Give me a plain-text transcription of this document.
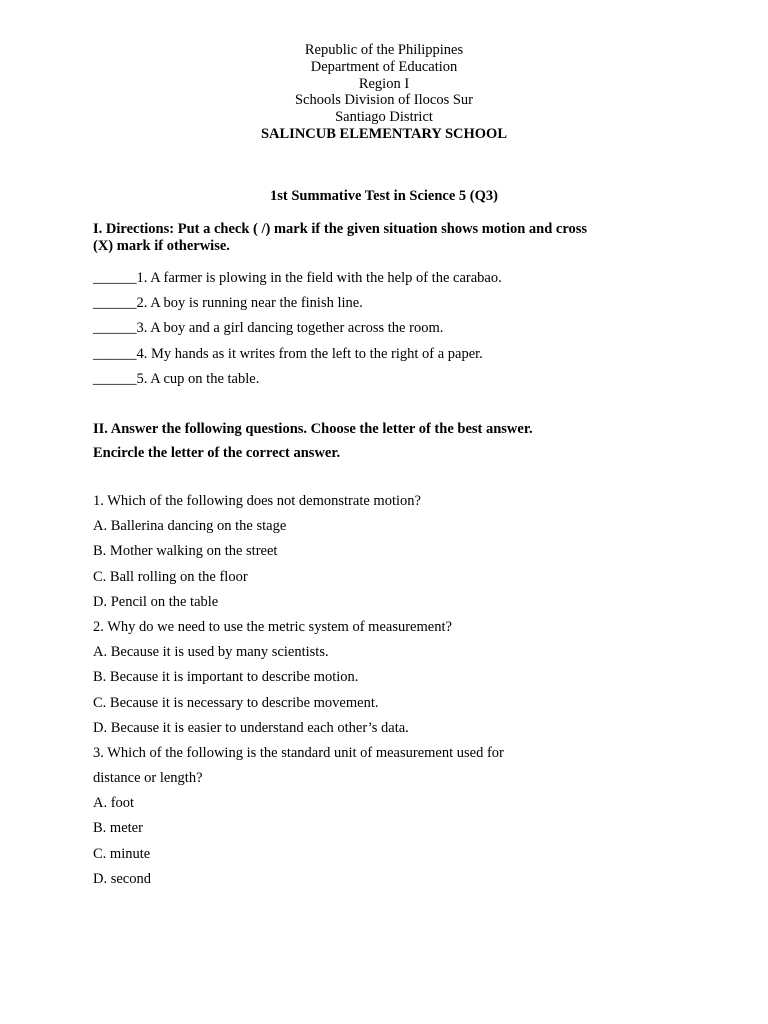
Republic of the Philippines
Department of Education
Region I
Schools Division of Ilocos Sur
Santiago District
SALINCUB ELEMENTARY SCHOOL
1st Summative Test in Science 5 (Q3)
I. Directions: Put a check ( /) mark if the given situation shows motion and cross
(X) mark if otherwise.
______1. A farmer is plowing in the field with the help of the carabao.
______2. A boy is running near the finish line.
______3. A boy and a girl dancing together across the room.
______4. My hands as it writes from the left to the right of a paper.
______5. A cup on the table.
II. Answer the following questions. Choose the letter of the best answer.
Encircle the letter of the correct answer.
1. Which of the following does not demonstrate motion?
A. Ballerina dancing on the stage
B. Mother walking on the street
C. Ball rolling on the floor
D. Pencil on the table
2. Why do we need to use the metric system of measurement?
A. Because it is used by many scientists.
B. Because it is important to describe motion.
C. Because it is necessary to describe movement.
D. Because it is easier to understand each other’s data.
3. Which of the following is the standard unit of measurement used for
distance or length?
A. foot
B. meter
C. minute
D. second
